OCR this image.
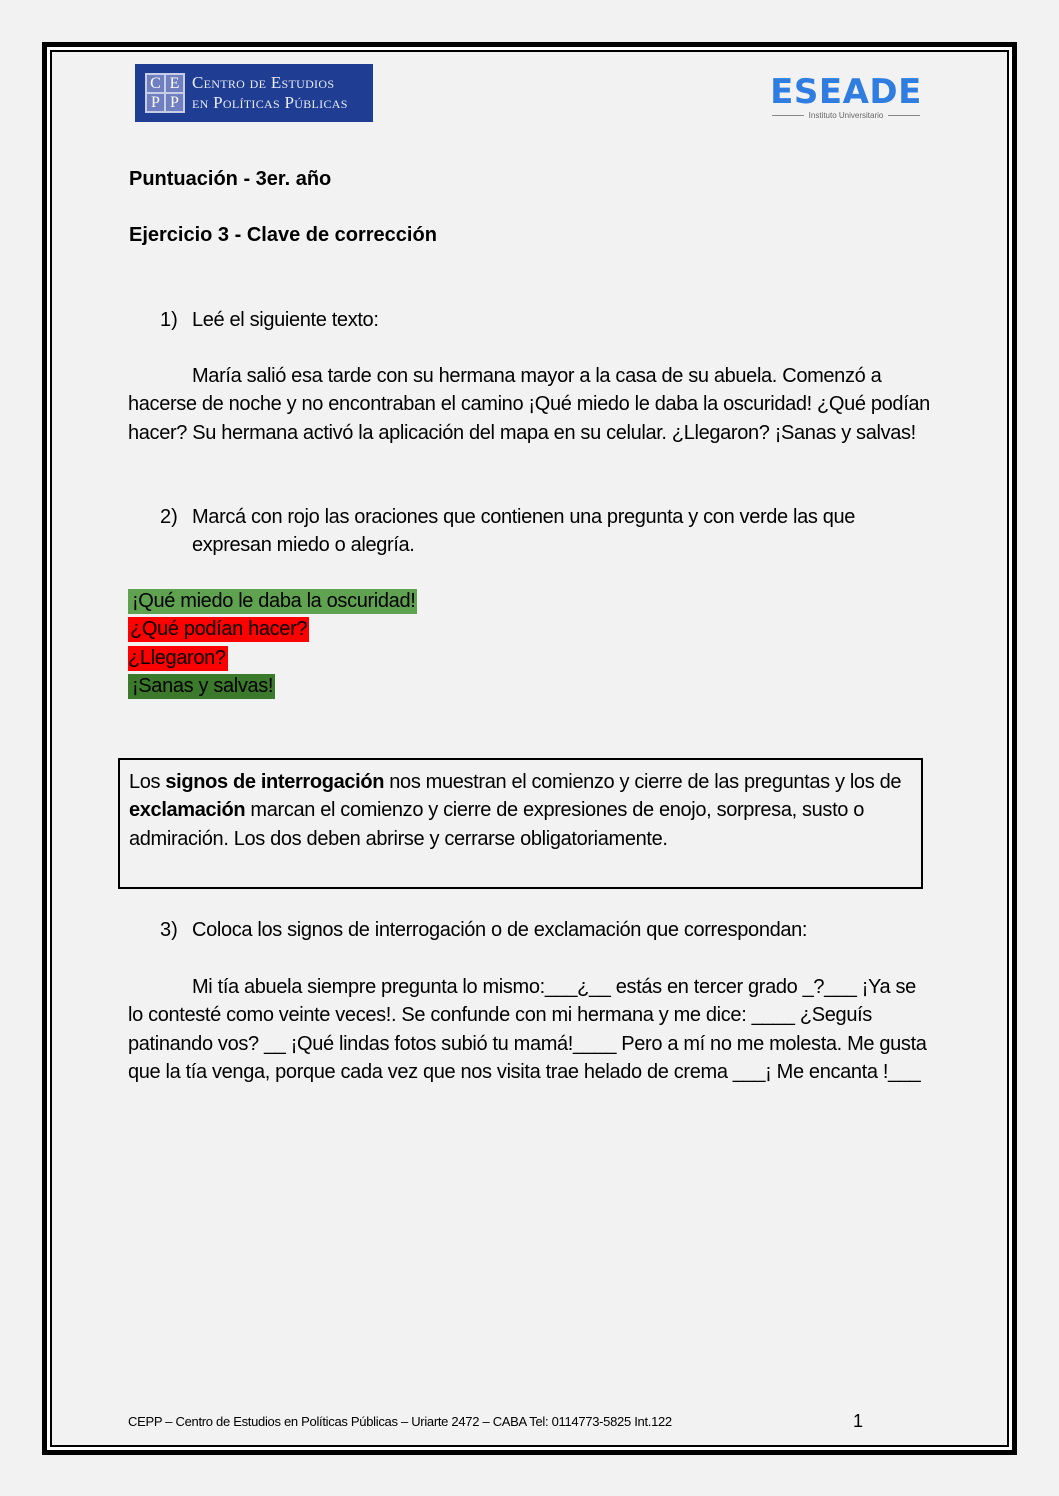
C E
P P
Centro de Estudios
en Políticas Públicas	ESEADE
Instituto Universitario
Puntuación - 3er. año
Ejercicio 3 - Clave de corrección
1) Leé el siguiente texto:
María salió esa tarde con su hermana mayor a la casa de su abuela. Comenzó a hacerse de noche y no encontraban el camino ¡Qué miedo le daba la oscuridad! ¿Qué podían hacer? Su hermana activó la aplicación del mapa en su celular. ¿Llegaron? ¡Sanas y salvas!
2) Marcá con rojo las oraciones que contienen una pregunta y con verde las que
expresan miedo o alegría.
¡Qué miedo le daba la oscuridad!
¿Qué podían hacer?
¿Llegaron?
¡Sanas y salvas!
Los signos de interrogación nos muestran el comienzo y cierre de las preguntas y los de exclamación marcan el comienzo y cierre de expresiones de enojo, sorpresa, susto o admiración. Los dos deben abrirse y cerrarse obligatoriamente.
3) Coloca los signos de interrogación o de exclamación que correspondan:
Mi tía abuela siempre pregunta lo mismo:___¿__ estás en tercer grado _?___ ¡Ya se lo contesté como veinte veces!. Se confunde con mi hermana y me dice: ____ ¿Seguís patinando vos? __ ¡Qué lindas fotos subió tu mamá!____ Pero a mí no me molesta. Me gusta que la tía venga, porque cada vez que nos visita trae helado de crema ___¡ Me encanta !___
CEPP – Centro de Estudios en Políticas Públicas – Uriarte 2472 – CABA Tel: 0114773-5825 Int.122	1
